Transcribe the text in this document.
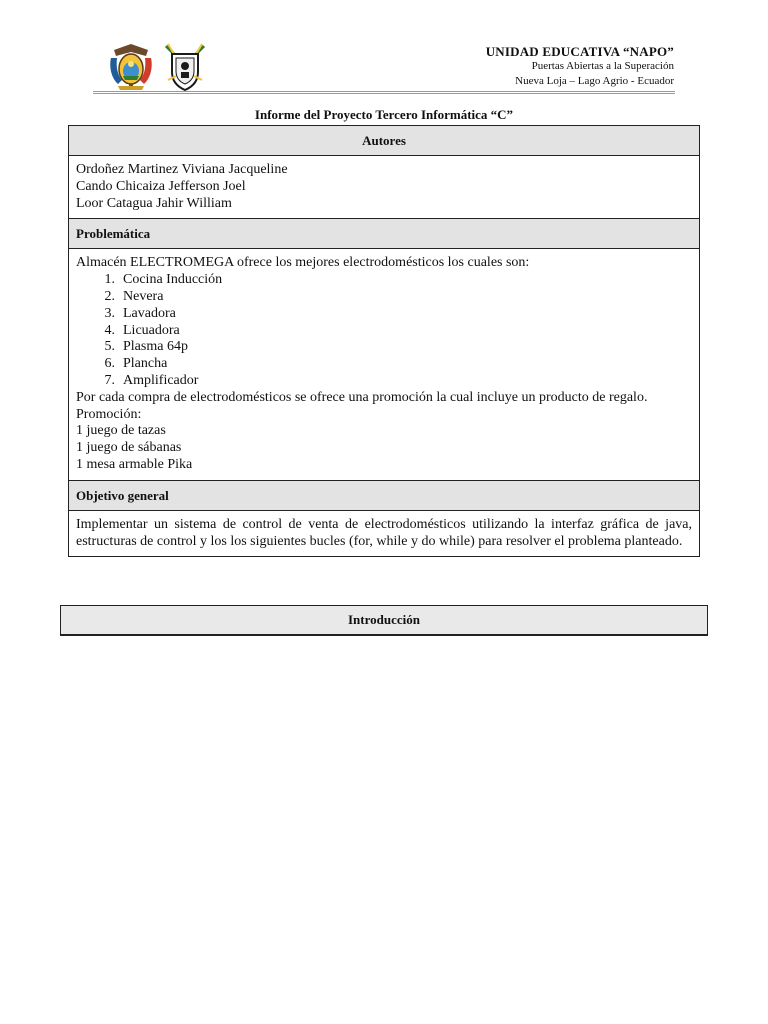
UNIDAD EDUCATIVA “NAPO”
Puertas Abiertas a la Superación
Nueva Loja – Lago Agrio - Ecuador
Informe del Proyecto Tercero Informática “C”
Autores
Ordoñez Martinez Viviana Jacqueline
Cando Chicaiza Jefferson Joel
Loor Catagua Jahir William
Problemática
Almacén ELECTROMEGA ofrece los mejores electrodomésticos los cuales son:
1. Cocina Inducción
2. Nevera
3. Lavadora
4. Licuadora
5. Plasma 64p
6. Plancha
7. Amplificador
Por cada compra de electrodomésticos se ofrece una promoción la cual incluye un producto de regalo.
Promoción:
1 juego de tazas
1 juego de sábanas
1 mesa armable Pika
Objetivo general
Implementar un sistema de control de venta de electrodomésticos utilizando la interfaz gráfica de java, estructuras de control y los los siguientes bucles (for, while y do while) para resolver el problema planteado.
Introducción
